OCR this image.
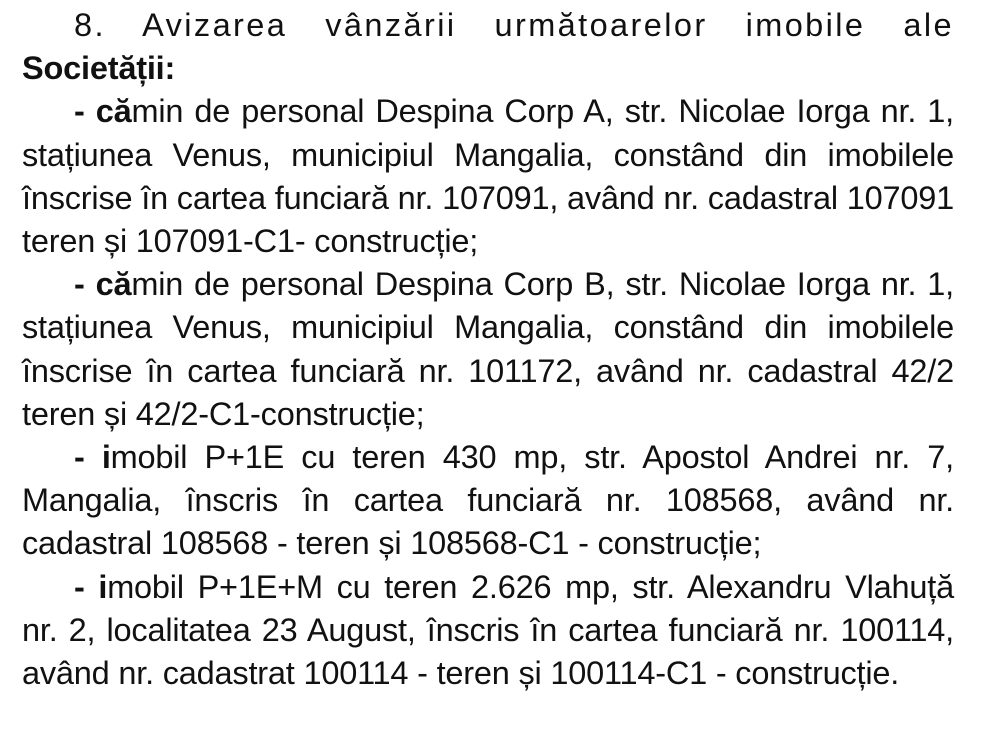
8. Avizarea vânzării următoarelor imobile ale Societății:

- cămin de personal Despina Corp A, str. Nicolae Iorga nr. 1, stațiunea Venus, municipiul Mangalia, constând din imobilele înscrise în cartea funciară nr. 107091, având nr. cadastral 107091 teren și 107091-C1- construcție;

- cămin de personal Despina Corp B, str. Nicolae Iorga nr. 1, stațiunea Venus, municipiul Mangalia, constând din imobilele înscrise în cartea funciară nr. 101172, având nr. cadastral 42/2 teren și 42/2-C1-construcție;

- imobil P+1E cu teren 430 mp, str. Apostol Andrei nr. 7, Mangalia, înscris în cartea funciară nr. 108568, având nr. cadastral 108568 - teren și 108568-C1 - construcție;

- imobil P+1E+M cu teren 2.626 mp, str. Alexandru Vlahuță nr. 2, localitatea 23 August, înscris în cartea funciară nr. 100114, având nr. cadastrat 100114 - teren și 100114-C1 - construcție.
